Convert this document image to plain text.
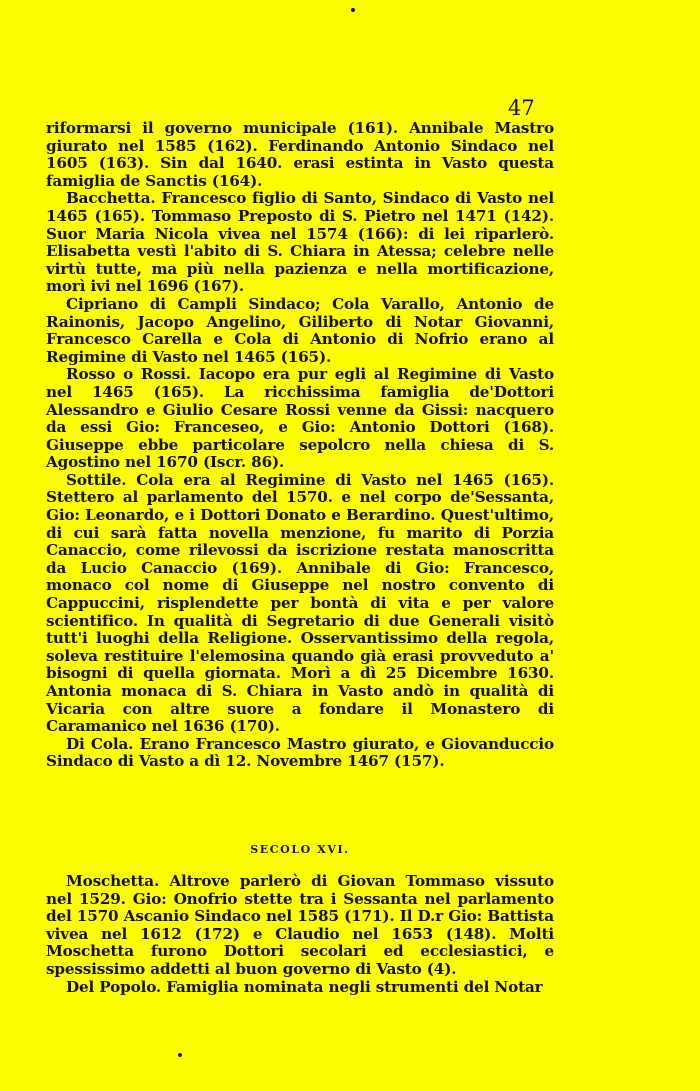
47

riformarsi il governo municipale (161). Annibale Mastro giurato nel 1585 (162). Ferdinando Antonio Sindaco nel 1605 (163). Sin dal 1640. erasi estinta in Vasto questa famiglia de Sanctis (164).

Bacchetta. Francesco figlio di Santo, Sindaco di Vasto nel 1465 (165). Tommaso Preposto di S. Pietro nel 1471 (142). Suor Maria Nicola vivea nel 1574 (166): di lei riparlerò. Elisabetta vestì l'abito di S. Chiara in Atessa; celebre nelle virtù tutte, ma più nella pazienza e nella mortificazione, morì ivi nel 1696 (167).

Cipriano di Campli Sindaco; Cola Varallo, Antonio de Rainonis, Jacopo Angelino, Giliberto di Notar Giovanni, Francesco Carella e Cola di Antonio di Nofrio erano al Regimine di Vasto nel 1465 (165).

Rosso o Rossi. Iacopo era pur egli al Regimine di Vasto nel 1465 (165). La ricchissima famiglia de'Dottori Alessandro e Giulio Cesare Rossi venne da Gissi: nacquero da essi Gio: Franceseo, e Gio: Antonio Dottori (168). Giuseppe ebbe particolare sepolcro nella chiesa di S. Agostino nel 1670 (Iscr. 86).

Sottile. Cola era al Regimine di Vasto nel 1465 (165). Stettero al parlamento del 1570. e nel corpo de'Sessanta, Gio: Leonardo, e i Dottori Donato e Berardino. Quest'ultimo, di cui sarà fatta novella menzione, fu marito di Porzia Canaccio, come rilevossi da iscrizione restata manoscritta da Lucio Canaccio (169). Annibale di Gio: Francesco, monaco col nome di Giuseppe nel nostro convento di Cappuccini, risplendette per bontà di vita e per valore scientifico. In qualità di Segretario di due Generali visitò tutt'i luoghi della Religione. Osservantissimo della regola, soleva restituire l'elemosina quando già erasi provveduto a' bisogni di quella giornata. Morì a dì 25 Dicembre 1630. Antonia monaca di S. Chiara in Vasto andò in qualità di Vicaria con altre suore a fondare il Monastero di Caramanico nel 1636 (170).

Di Cola. Erano Francesco Mastro giurato, e Giovanduccio Sindaco di Vasto a dì 12. Novembre 1467 (157).

SECOLO XVI.

Moschetta. Altrove parlerò di Giovan Tommaso vissuto nel 1529. Gio: Onofrio stette tra i Sessanta nel parlamento del 1570 Ascanio Sindaco nel 1585 (171). Il D.r Gio: Battista vivea nel 1612 (172) e Claudio nel 1653 (148). Molti Moschetta furono Dottori secolari ed ecclesiastici, e spessissimo addetti al buon governo di Vasto (4).

Del Popolo. Famiglia nominata negli strumenti del Notar
